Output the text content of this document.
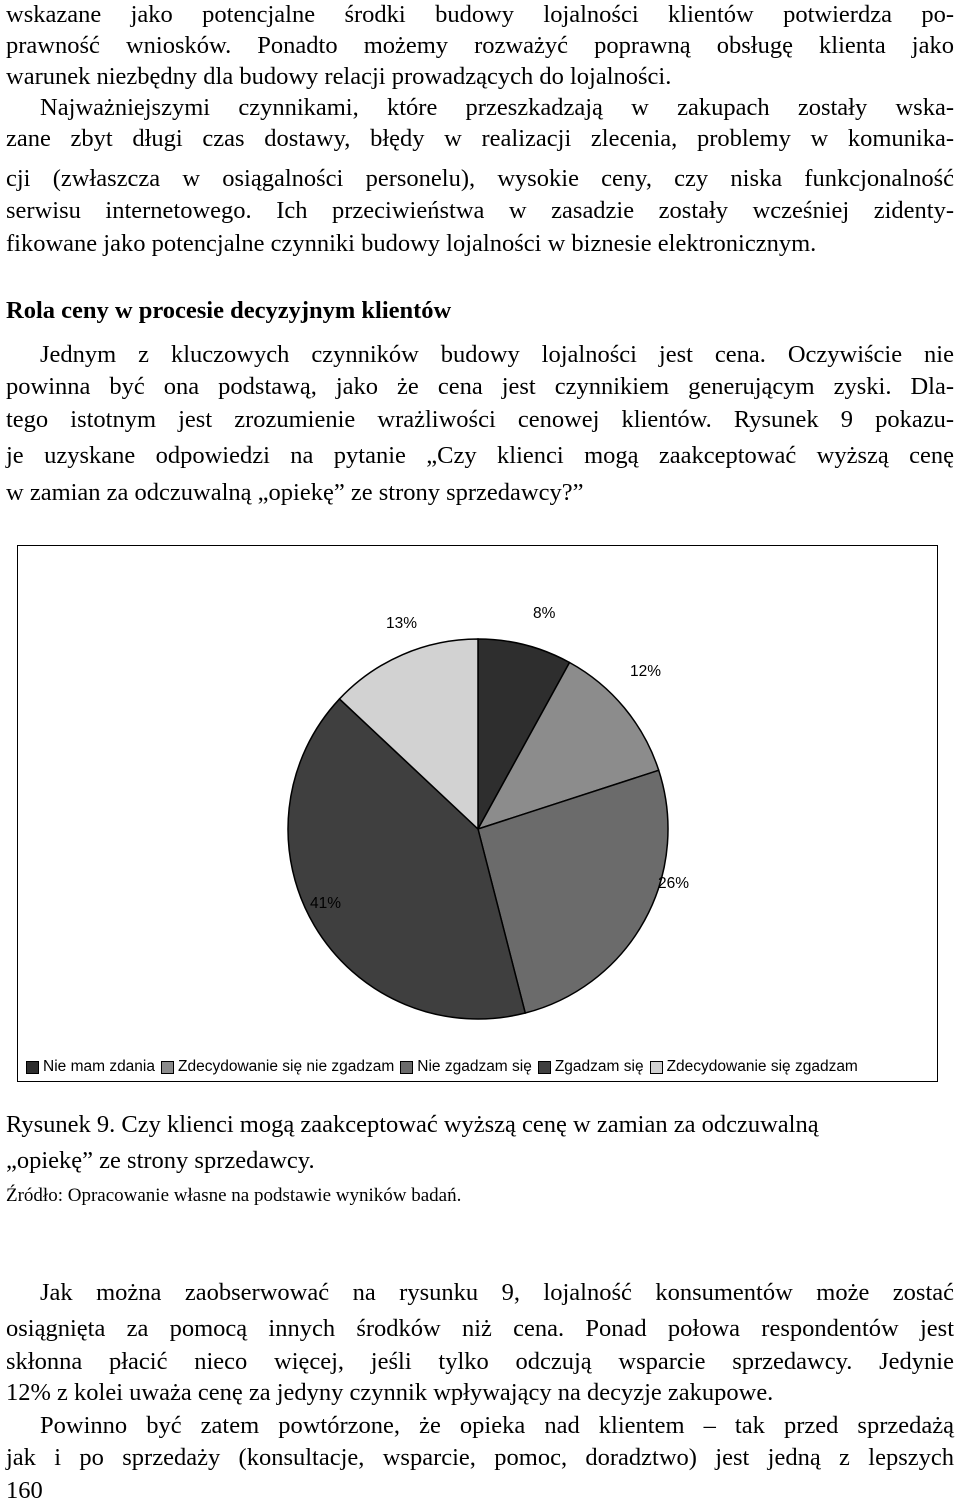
wskazane jako potencjalne środki budowy lojalności klientów potwierdza po-
prawność wniosków. Ponadto możemy rozważyć poprawną obsługę klienta jako
warunek niezbędny dla budowy relacji prowadzących do lojalności.
Najważniejszymi czynnikami, które przeszkadzają w zakupach zostały wska-
zane zbyt długi czas dostawy, błędy w realizacji zlecenia, problemy w komunika-
cji (zwłaszcza w osiągalności personelu), wysokie ceny, czy niska funkcjonalność
serwisu internetowego. Ich przeciwieństwa w zasadzie zostały wcześniej zidenty-
fikowane jako potencjalne czynniki budowy lojalności w biznesie elektronicznym.
Rola ceny w procesie decyzyjnym klientów
Jednym z kluczowych czynników budowy lojalności jest cena. Oczywiście nie
powinna być ona podstawą, jako że cena jest czynnikiem generującym zyski. Dla-
tego istotnym jest zrozumienie wrażliwości cenowej klientów. Rysunek 9 pokazu-
je uzyskane odpowiedzi na pytanie „Czy klienci mogą zaakceptować wyższą cenę
w zamian za odczuwalną „opiekę” ze strony sprzedawcy?”
8%
12%
26%
41%
13%
Nie mam zdania Zdecydowanie się nie zgadzam Nie zgadzam się Zgadzam się Zdecydowanie się zgadzam
Rysunek 9. Czy klienci mogą zaakceptować wyższą cenę w zamian za odczuwalną
„opiekę” ze strony sprzedawcy.
Źródło: Opracowanie własne na podstawie wyników badań.
Jak można zaobserwować na rysunku 9, lojalność konsumentów może zostać
osiągnięta za pomocą innych środków niż cena. Ponad połowa respondentów jest
skłonna płacić nieco więcej, jeśli tylko odczują wsparcie sprzedawcy. Jedynie
12% z kolei uważa cenę za jedyny czynnik wpływający na decyzje zakupowe.
Powinno być zatem powtórzone, że opieka nad klientem – tak przed sprzedażą
jak i po sprzedaży (konsultacje, wsparcie, pomoc, doradztwo) jest jedną z lepszych
160
